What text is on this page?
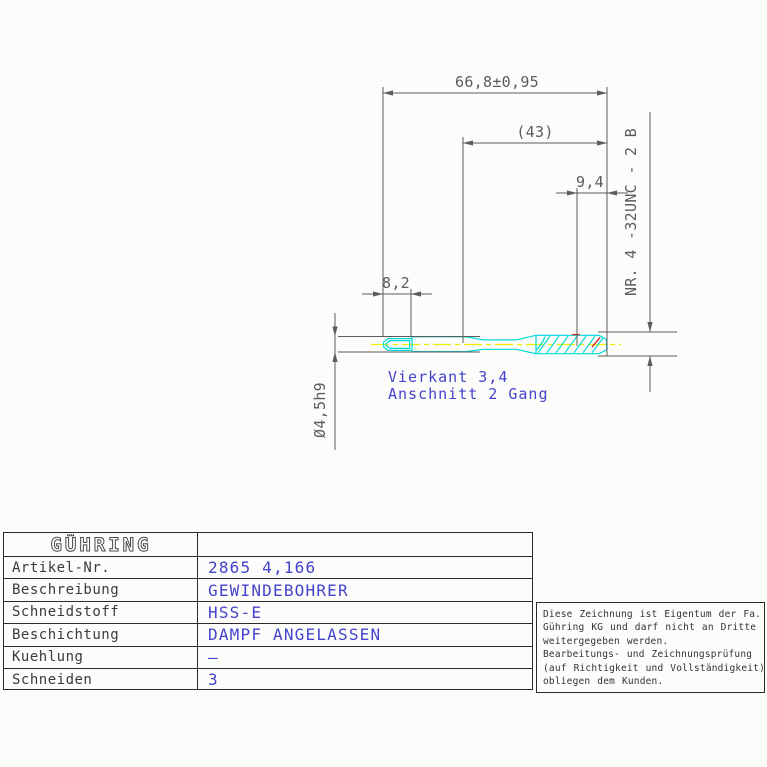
66,8±0,95
(43)
9,4
8,2
Ø4,5h9
NR. 4 -32UNC - 2 B
Vierkant 3,4
Anschnitt 2 Gang
GÜHRING
Artikel-Nr.	2865 4,166
Beschreibung	GEWINDEBOHRER
Schneidstoff	HSS-E
Beschichtung	DAMPF ANGELASSEN
Kuehlung	–
Schneiden	3
Diese Zeichnung ist Eigentum der Fa.
Gühring KG und darf nicht an Dritte
weitergegeben werden.
Bearbeitungs- und Zeichnungsprüfung
(auf Richtigkeit und Vollständigkeit)
obliegen dem Kunden.
